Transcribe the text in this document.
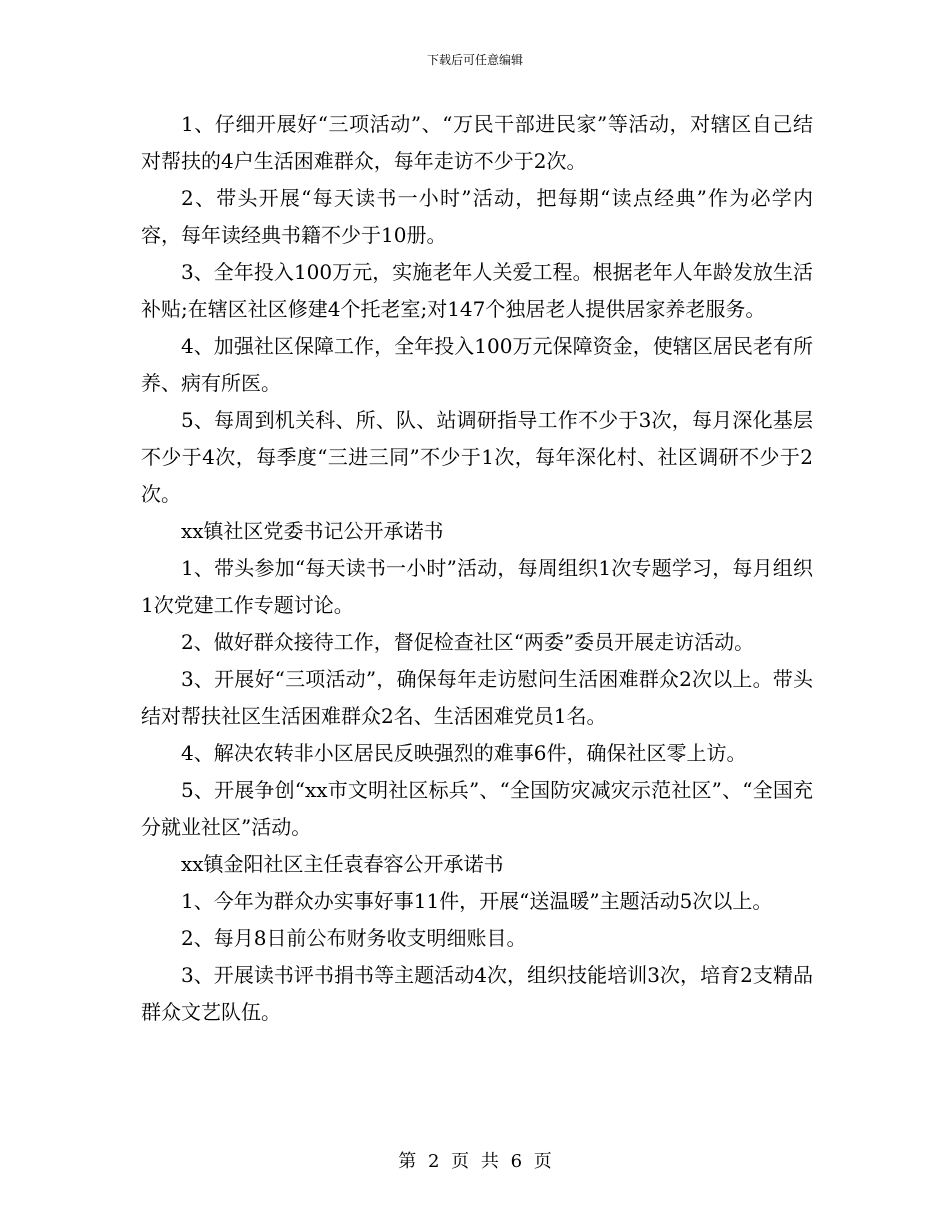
下载后可任意编辑

1、仔细开展好“三项活动”、“万民干部进民家”等活动，对辖区自己结对帮扶的4户生活困难群众，每年走访不少于2次。

2、带头开展“每天读书一小时”活动，把每期“读点经典”作为必学内容，每年读经典书籍不少于10册。

3、全年投入100万元，实施老年人关爱工程。根据老年人年龄发放生活补贴;在辖区社区修建4个托老室;对147个独居老人提供居家养老服务。

4、加强社区保障工作，全年投入100万元保障资金，使辖区居民老有所养、病有所医。

5、每周到机关科、所、队、站调研指导工作不少于3次，每月深化基层不少于4次，每季度“三进三同”不少于1次，每年深化村、社区调研不少于2次。

xx镇社区党委书记公开承诺书

1、带头参加“每天读书一小时”活动，每周组织1次专题学习，每月组织1次党建工作专题讨论。

2、做好群众接待工作，督促检查社区“两委”委员开展走访活动。

3、开展好“三项活动”，确保每年走访慰问生活困难群众2次以上。带头结对帮扶社区生活困难群众2名、生活困难党员1名。

4、解决农转非小区居民反映强烈的难事6件，确保社区零上访。

5、开展争创“xx市文明社区标兵”、“全国防灾减灾示范社区”、“全国充分就业社区”活动。

xx镇金阳社区主任袁春容公开承诺书

1、今年为群众办实事好事11件，开展“送温暖”主题活动5次以上。

2、每月8日前公布财务收支明细账目。

3、开展读书评书捐书等主题活动4次，组织技能培训3次，培育2支精品群众文艺队伍。

第 2 页 共 6 页
